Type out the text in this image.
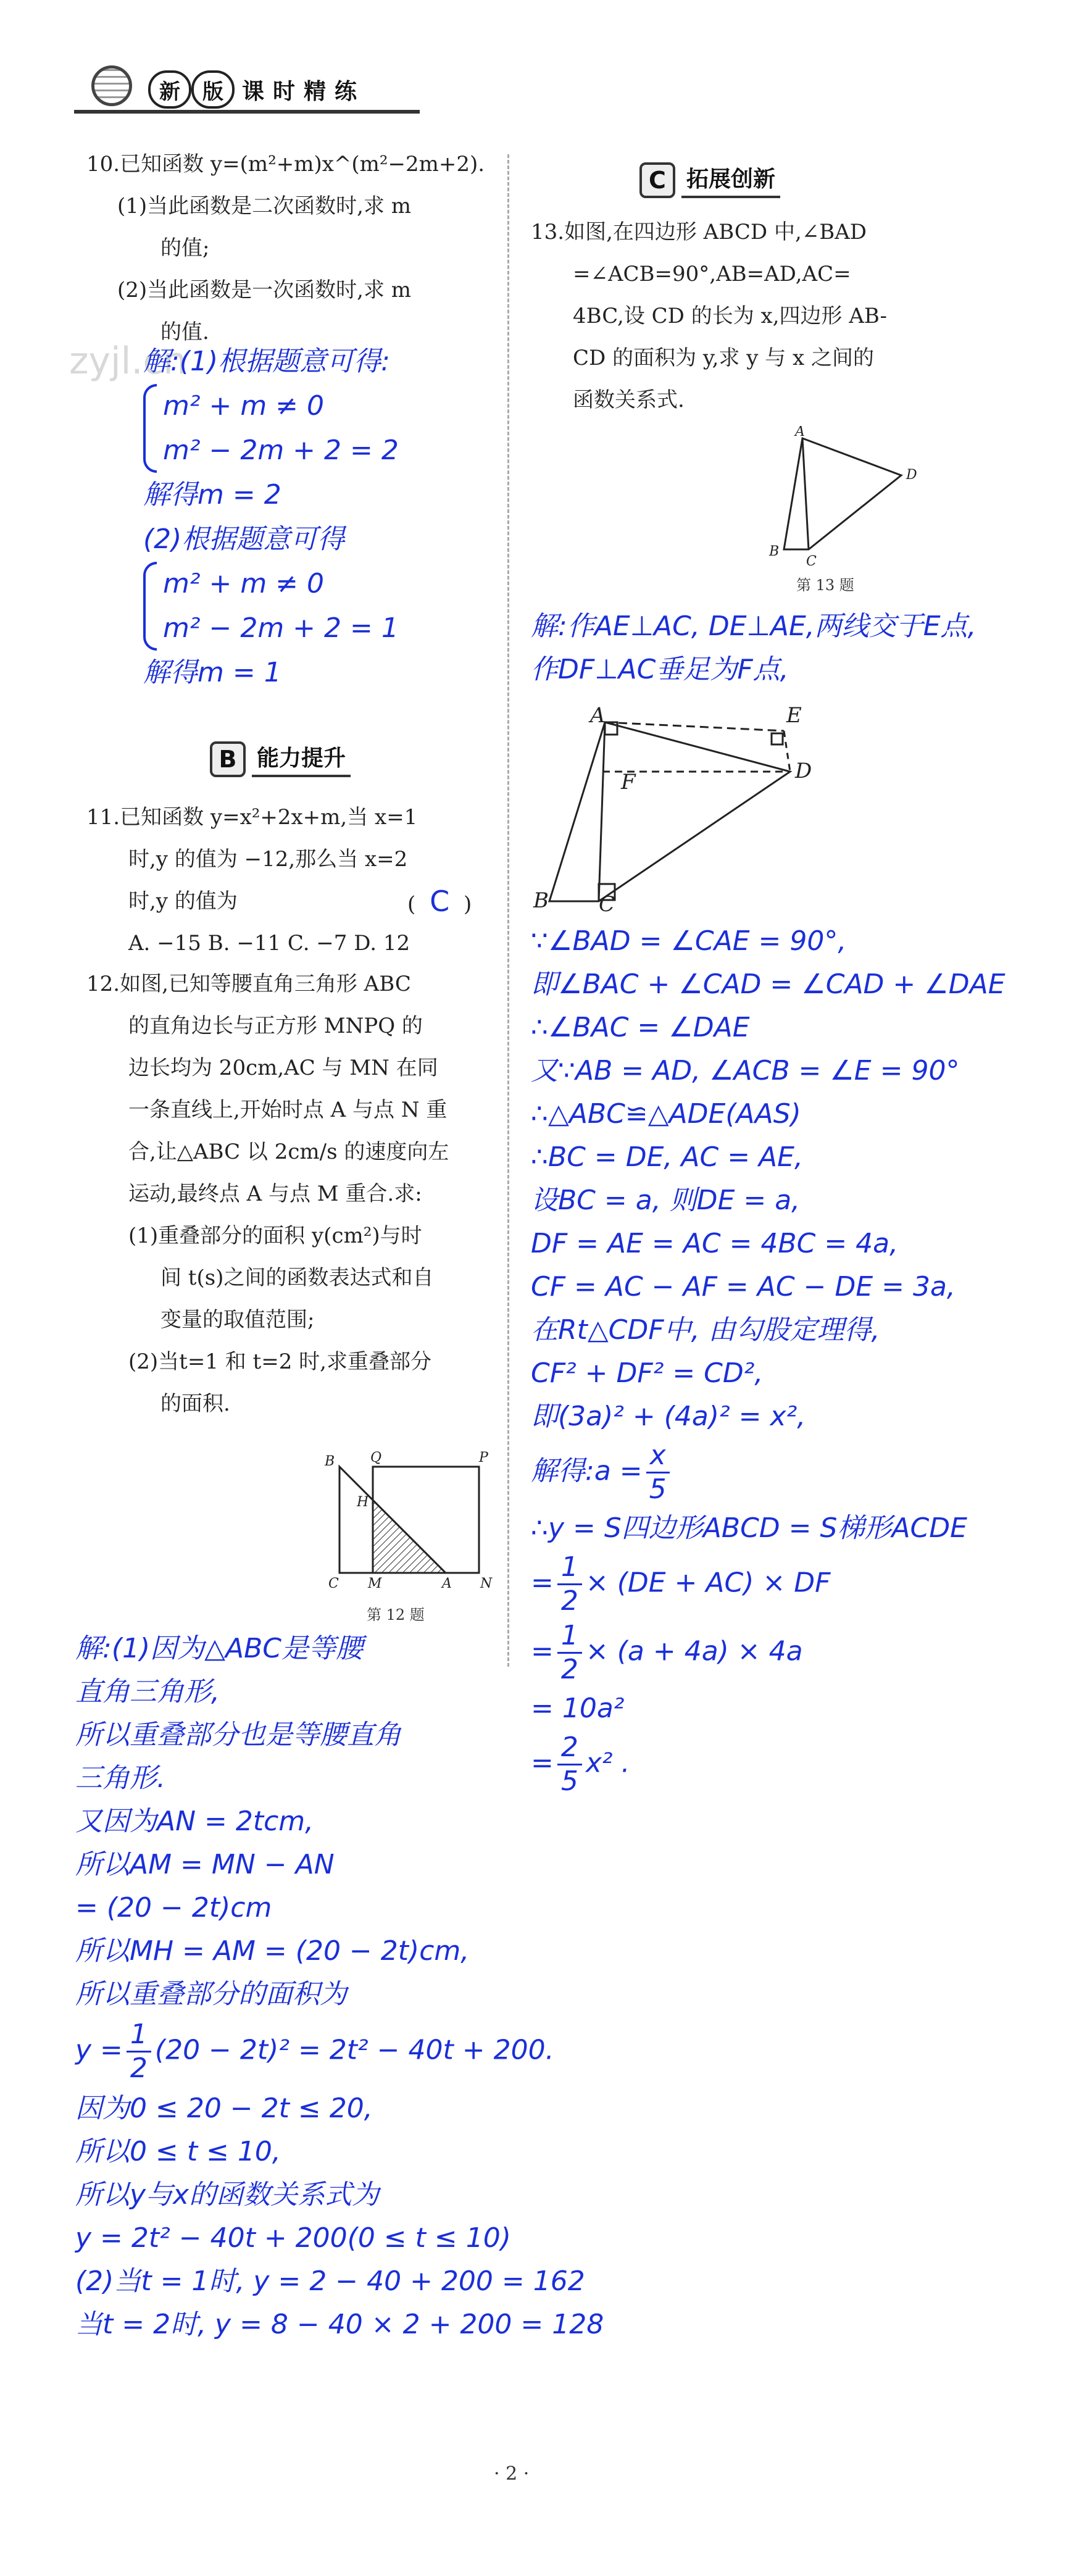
新	版 课时精练
zyjl.cn
10.已知函数 y=(m²+m)x^(m²−2m+2).
(1)当此函数是二次函数时,求 m
的值;
(2)当此函数是一次函数时,求 m
的值.
解:(1)根据题意可得:
m² + m ≠ 0
m² − 2m + 2 = 2
解得m = 2
(2)根据题意可得
m² + m ≠ 0
m² − 2m + 2 = 1
解得m = 1
B 能力提升
11.已知函数 y=x²+2x+m,当 x=1
时,y 的值为 −12,那么当 x=2
时,y 的值为	( C )
A. −15 B. −11 C. −7 D. 12
12.如图,已知等腰直角三角形 ABC
的直角边长与正方形 MNPQ 的
边长均为 20cm,AC 与 MN 在同
一条直线上,开始时点 A 与点 N 重
合,让△ABC 以 2cm/s 的速度向左
运动,最终点 A 与点 M 重合.求:
(1)重叠部分的面积 y(cm²)与时
间 t(s)之间的函数表达式和自
变量的取值范围;
(2)当t=1 和 t=2 时,求重叠部分
的面积.
B	Q	P
H
C M	A N
第 12 题
解:(1)因为△ABC是等腰
直角三角形,
所以重叠部分也是等腰直角
三角形.
又因为AN = 2tcm,
所以AM = MN − AN
= (20 − 2t)cm
所以MH = AM = (20 − 2t)cm,
所以重叠部分的面积为
$y = \frac{1}{2} (20 - 2t)^2 = 2t^2 - 40t + 200$.
因为0 ≤ 20 − 2t ≤ 20,
所以0 ≤ t ≤ 10,
所以y与x的函数关系式为
y = 2t² − 40t + 200(0 ≤ t ≤ 10)
(2)当t = 1时, y = 2 − 40 + 200 = 162
当t = 2时, y = 8 − 40 × 2 + 200 = 128
C 拓展创新
13.如图,在四边形 ABCD 中,∠BAD
=∠ACB=90°,AB=AD,AC=
4BC,设 CD 的长为 x,四边形 AB-
CD 的面积为 y,求 y 与 x 之间的
函数关系式.
A
B
C
D
第 13 题
解:作AE⊥AC, DE⊥AE,两线交于E点,
作DF⊥AC垂足为F点,
A	E
F	D
B C
∵∠BAD = ∠CAE = 90°,
即∠BAC + ∠CAD = ∠CAD + ∠DAE
∴∠BAC = ∠DAE
又∵AB = AD, ∠ACB = ∠E = 90°
∴△ABC≌△ADE(AAS)
∴BC = DE, AC = AE,
设BC = a, 则DE = a,
DF = AE = AC = 4BC = 4a,
CF = AC − AF = AC − DE = 3a,
在Rt△CDF中, 由勾股定理得,
CF² + DF² = CD²,
即(3a)² + (4a)² = x²,
解得:a = $\frac{x}{5}$
∴y = S四边形ABCD = S梯形ACDE
= $\frac{1}{2} \times (DE + AC)$ × DF
= $\frac{1}{2} \times (a + 4a) \times 4a$
= 10a²
= $\frac{2}{5} x^2$ .
· 2 ·
